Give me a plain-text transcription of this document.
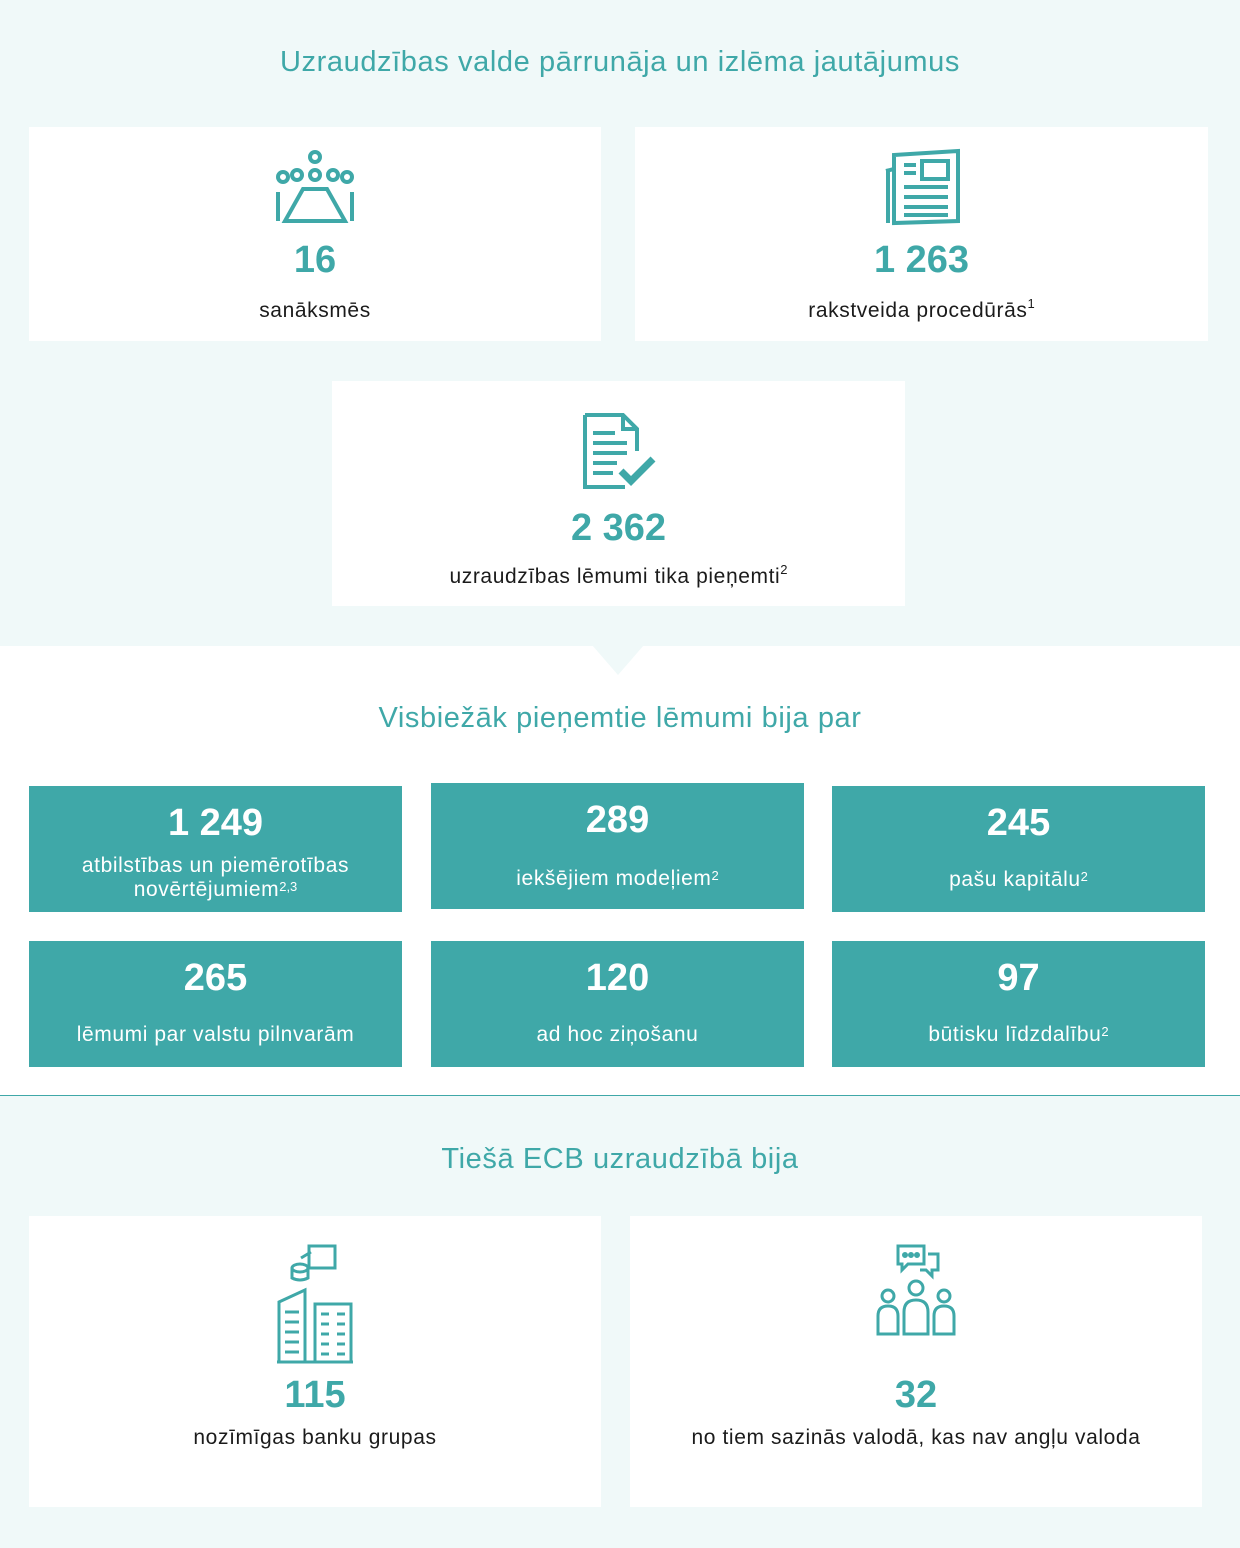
Uzraudzības valde pārrunāja un izlēma jautājumus
16
sanāksmēs
1 263
rakstveida procedūrās$^1$
2 362
uzraudzības lēmumi tika pieņemti$^2$
Visbiežāk pieņemtie lēmumi bija par
1 249
atbilstības un piemērotības novērtējumiem$^{2,3}$
289
iekšējiem modeļiem$^2$
245
pašu kapitālu$^2$
265
lēmumi par valstu pilnvarām
120
ad hoc ziņošanu
97
būtisku līdzdalību$^2$
Tiešā ECB uzraudzībā bija
115
nozīmīgas banku grupas
32
no tiem sazinās valodā, kas nav angļu valoda
